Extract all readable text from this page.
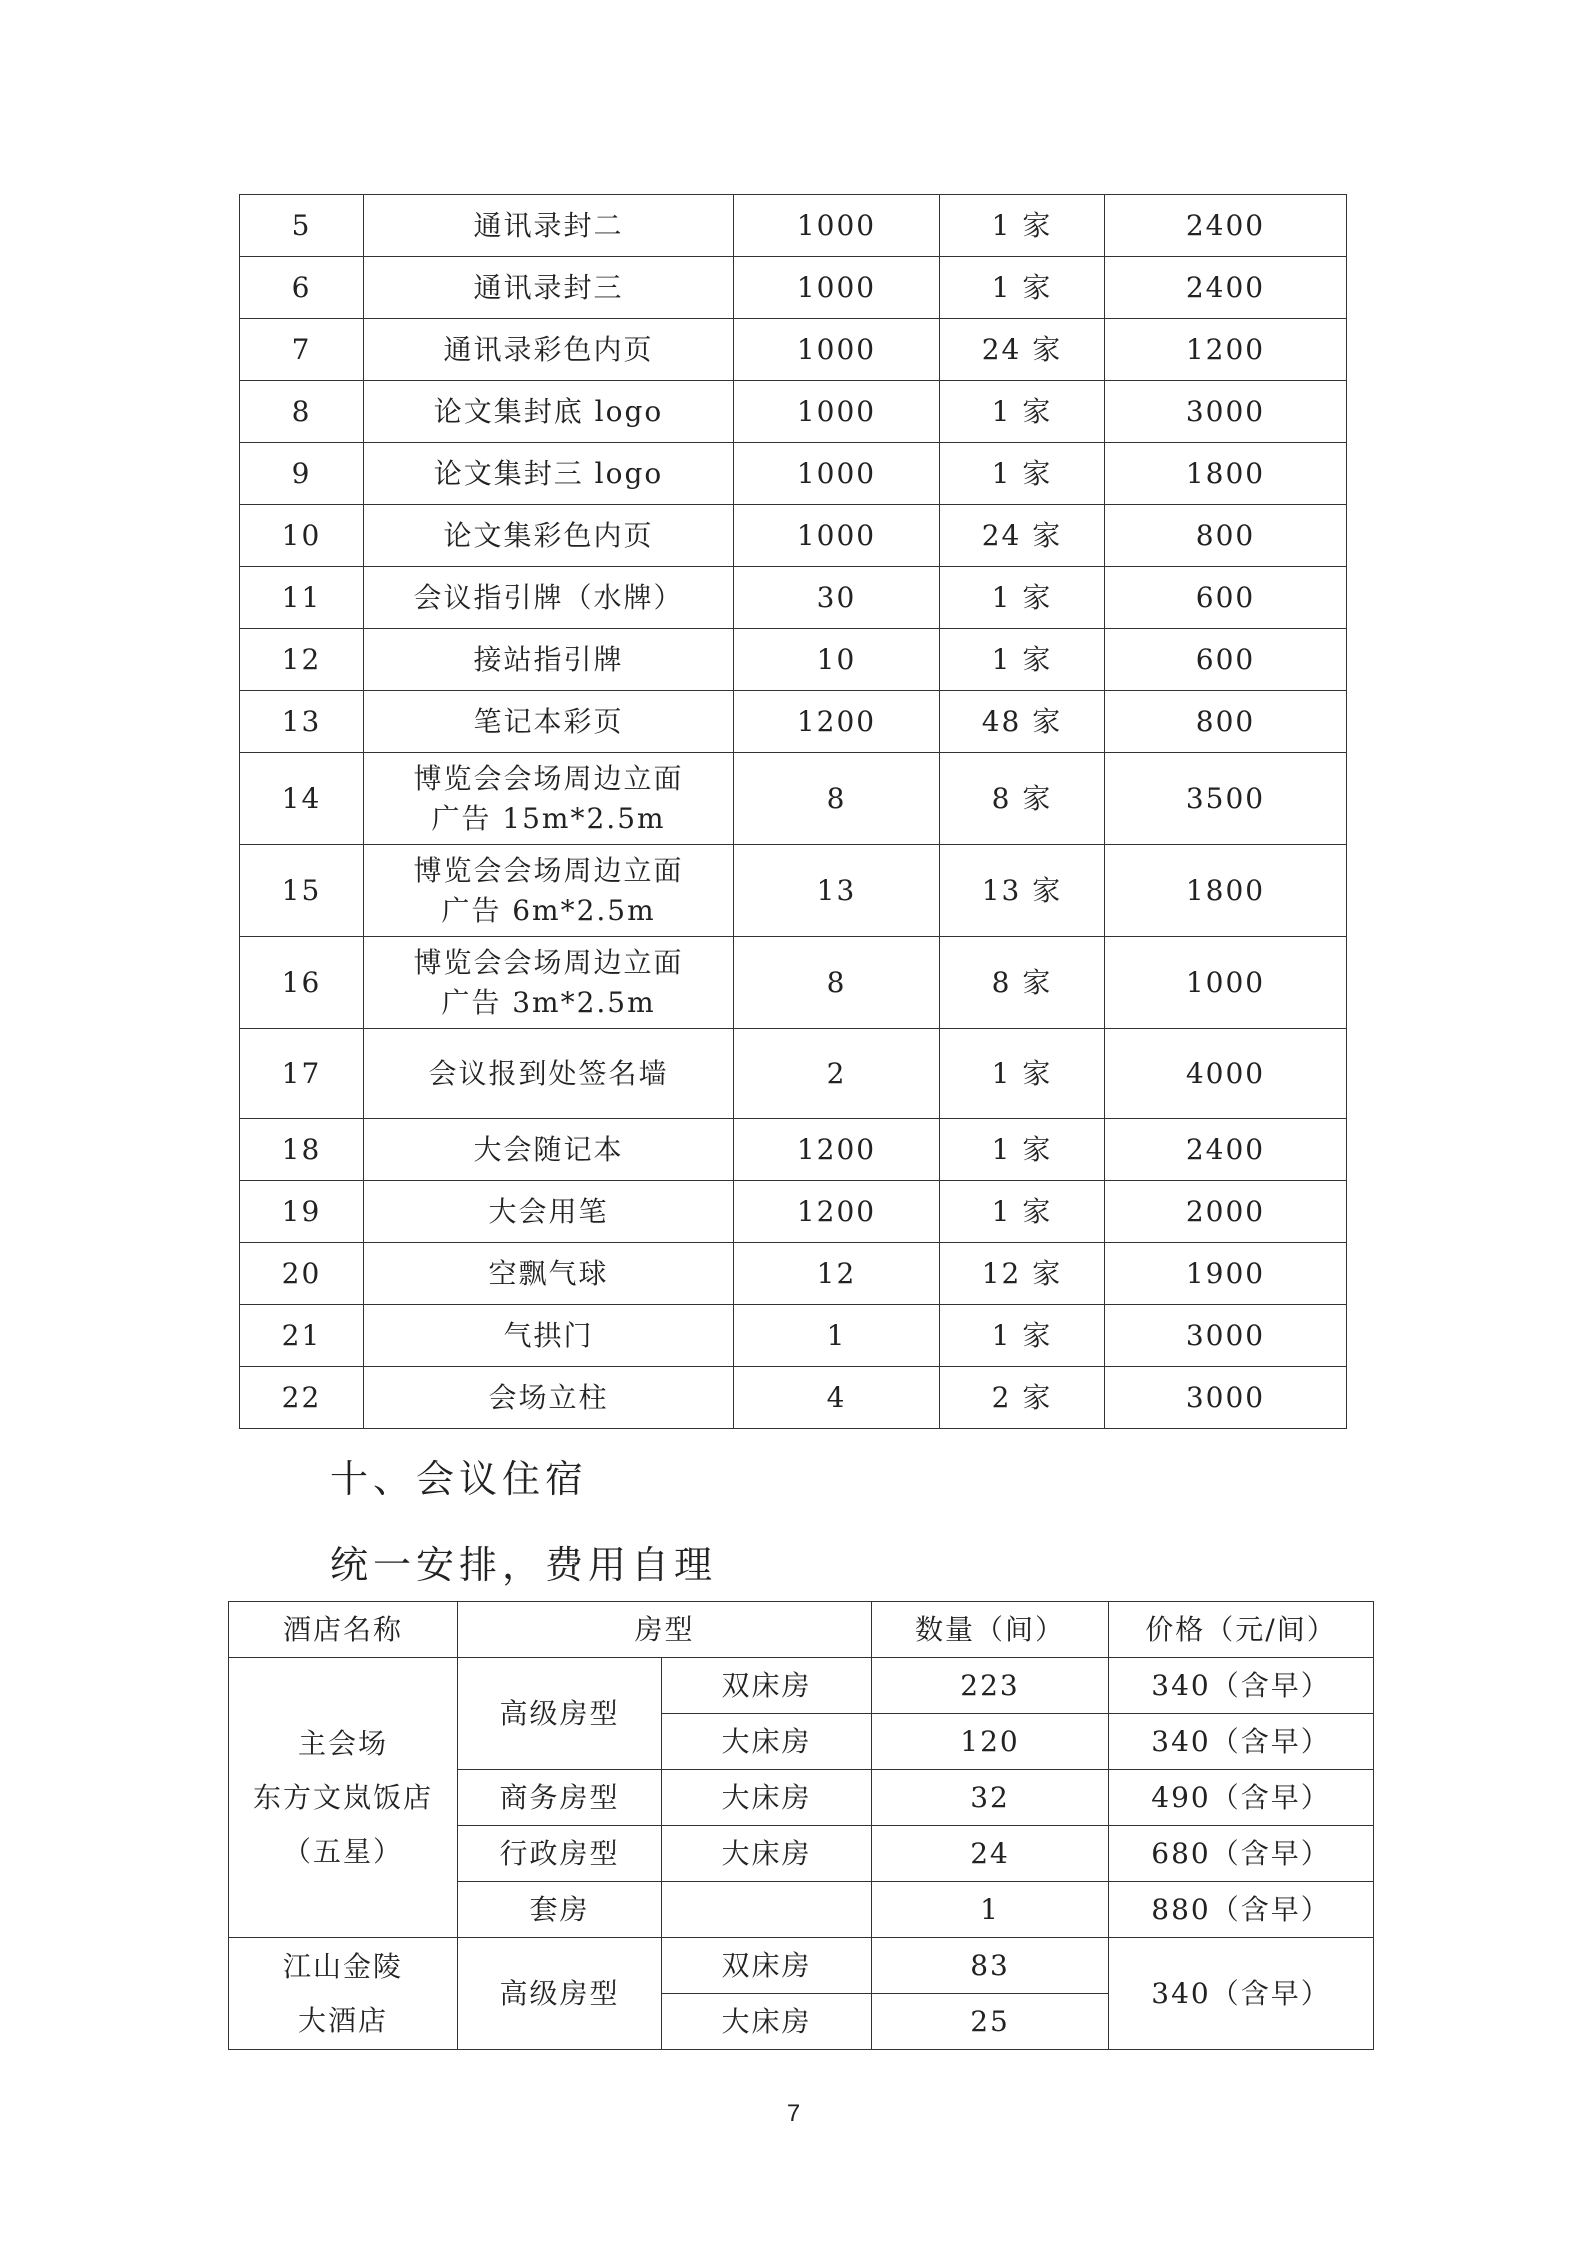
5	通讯录封二	1000	1 家	2400
6	通讯录封三	1000	1 家	2400
7	通讯录彩色内页	1000	24 家	1200
8	论文集封底 logo	1000	1 家	3000
9	论文集封三 logo	1000	1 家	1800
10	论文集彩色内页	1000	24 家	800
11	会议指引牌（水牌）	30	1 家	600
12	接站指引牌	10	1 家	600
13	笔记本彩页	1200	48 家	800
14	博览会会场周边立面
广告 15m*2.5m	8	8 家	3500
15	博览会会场周边立面
广告 6m*2.5m	13	13 家	1800
16	博览会会场周边立面
广告 3m*2.5m	8	8 家	1000
17	会议报到处签名墙	2	1 家	4000
18	大会随记本	1200	1 家	2400
19	大会用笔	1200	1 家	2000
20	空飘气球	12	12 家	1900
21	气拱门	1	1 家	3000
22	会场立柱	4	2 家	3000
十、会议住宿
统一安排，费用自理
酒店名称	房型		数量（间）	价格（元/间）

主会场
东方文岚饭店
（五星）	高级房型	双床房	223	340（含早）
		大床房	120	340（含早）
	商务房型	大床房	32	490（含早）
	行政房型	大床房	24	680（含早）
	套房		1	880（含早）

江山金陵
大酒店	高级房型	双床房	83	340（含早）
		大床房	25	
7
